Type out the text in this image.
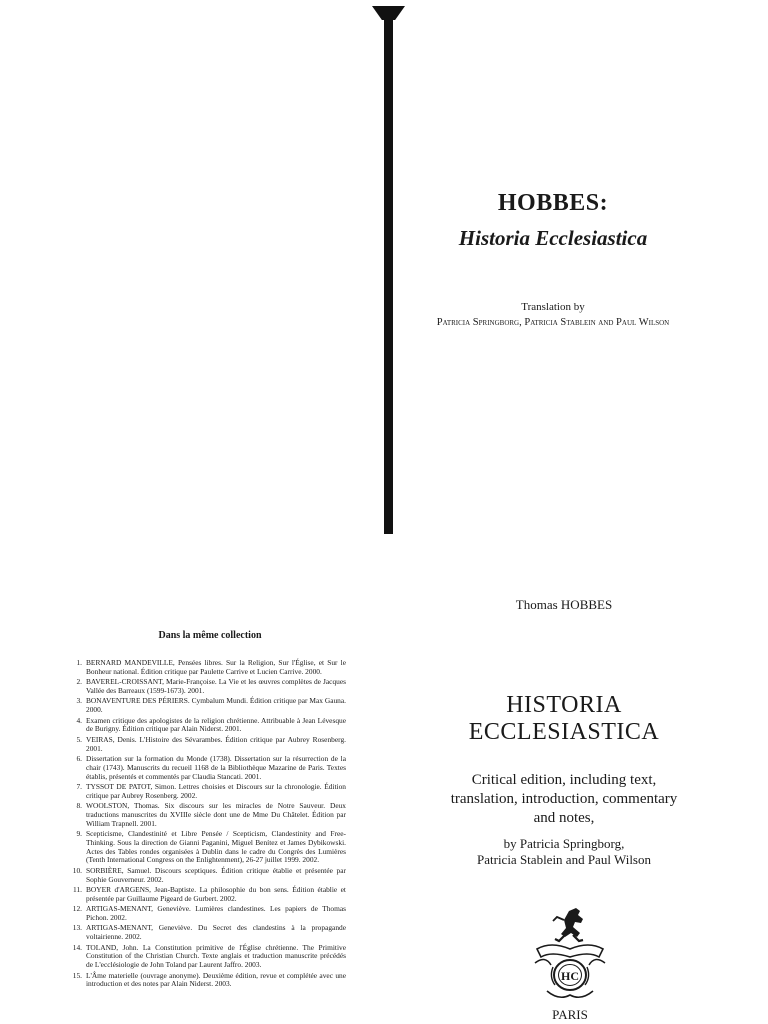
HOBBES:
Historia Ecclesiastica
Translation by
Patricia Springborg, Patricia Stablein and Paul Wilson
Dans la même collection
1. BERNARD MANDEVILLE, Pensées libres. Sur la Religion, Sur l'Église, et Sur le Bonheur national. Édition critique par Paulette Carrive et Lucien Carrive. 2000.
2. BAVEREL-CROISSANT, Marie-Françoise. La Vie et les œuvres complètes de Jacques Vallée des Barreaux (1599-1673). 2001.
3. BONAVENTURE DES PÉRIERS. Cymbalum Mundi. Édition critique par Max Gauna. 2000.
4. Examen critique des apologistes de la religion chrétienne. Attribuable à Jean Lévesque de Burigny. Édition critique par Alain Niderst. 2001.
5. VEIRAS, Denis. L'Histoire des Sévarambes. Édition critique par Aubrey Rosenberg. 2001.
6. Dissertation sur la formation du Monde (1738). Dissertation sur la résurrection de la chair (1743). Manuscrits du recueil 1168 de la Bibliothèque Mazarine de Paris. Textes établis, présentés et commentés par Claudia Stancati. 2001.
7. TYSSOT DE PATOT, Simon. Lettres choisies et Discours sur la chronologie. Édition critique par Aubrey Rosenberg. 2002.
8. WOOLSTON, Thomas. Six discours sur les miracles de Notre Sauveur. Deux traductions manuscrites du XVIIIe siècle dont une de Mme Du Châtelet. Édition par William Trapnell. 2001.
9. Scepticisme, Clandestinité et Libre Pensée / Scepticism, Clandestinity and Free-Thinking. Sous la direction de Gianni Paganini, Miguel Benítez et James Dybikowski. Actes des Tables rondes organisées à Dublin dans le cadre du Congrès des Lumières (Tenth International Congress on the Enlightenment), 26-27 juillet 1999. 2002.
10. SORBIÈRE, Samuel. Discours sceptiques. Édition critique établie et présentée par Sophie Gouverneur. 2002.
11. BOYER d'ARGENS, Jean-Baptiste. La philosophie du bon sens. Édition établie et présentée par Guillaume Pigeard de Gurbert. 2002.
12. ARTIGAS-MENANT, Geneviève. Lumières clandestines. Les papiers de Thomas Pichon. 2002.
13. ARTIGAS-MENANT, Geneviève. Du Secret des clandestins à la propagande voltairienne. 2002.
14. TOLAND, John. La Constitution primitive de l'Église chrétienne. The Primitive Constitution of the Christian Church. Texte anglais et traduction manuscrite précédés de L'ecclésiologie de John Toland par Laurent Jaffro. 2003.
15. L'Âme materielle (ouvrage anonyme). Deuxième édition, revue et complétée avec une introduction et des notes par Alain Niderst. 2003.
Thomas HOBBES
HISTORIA
ECCLESIASTICA
Critical edition, including text, translation, introduction, commentary and notes,
by Patricia Springborg,
Patricia Stablein and Paul Wilson
HC
PARIS
